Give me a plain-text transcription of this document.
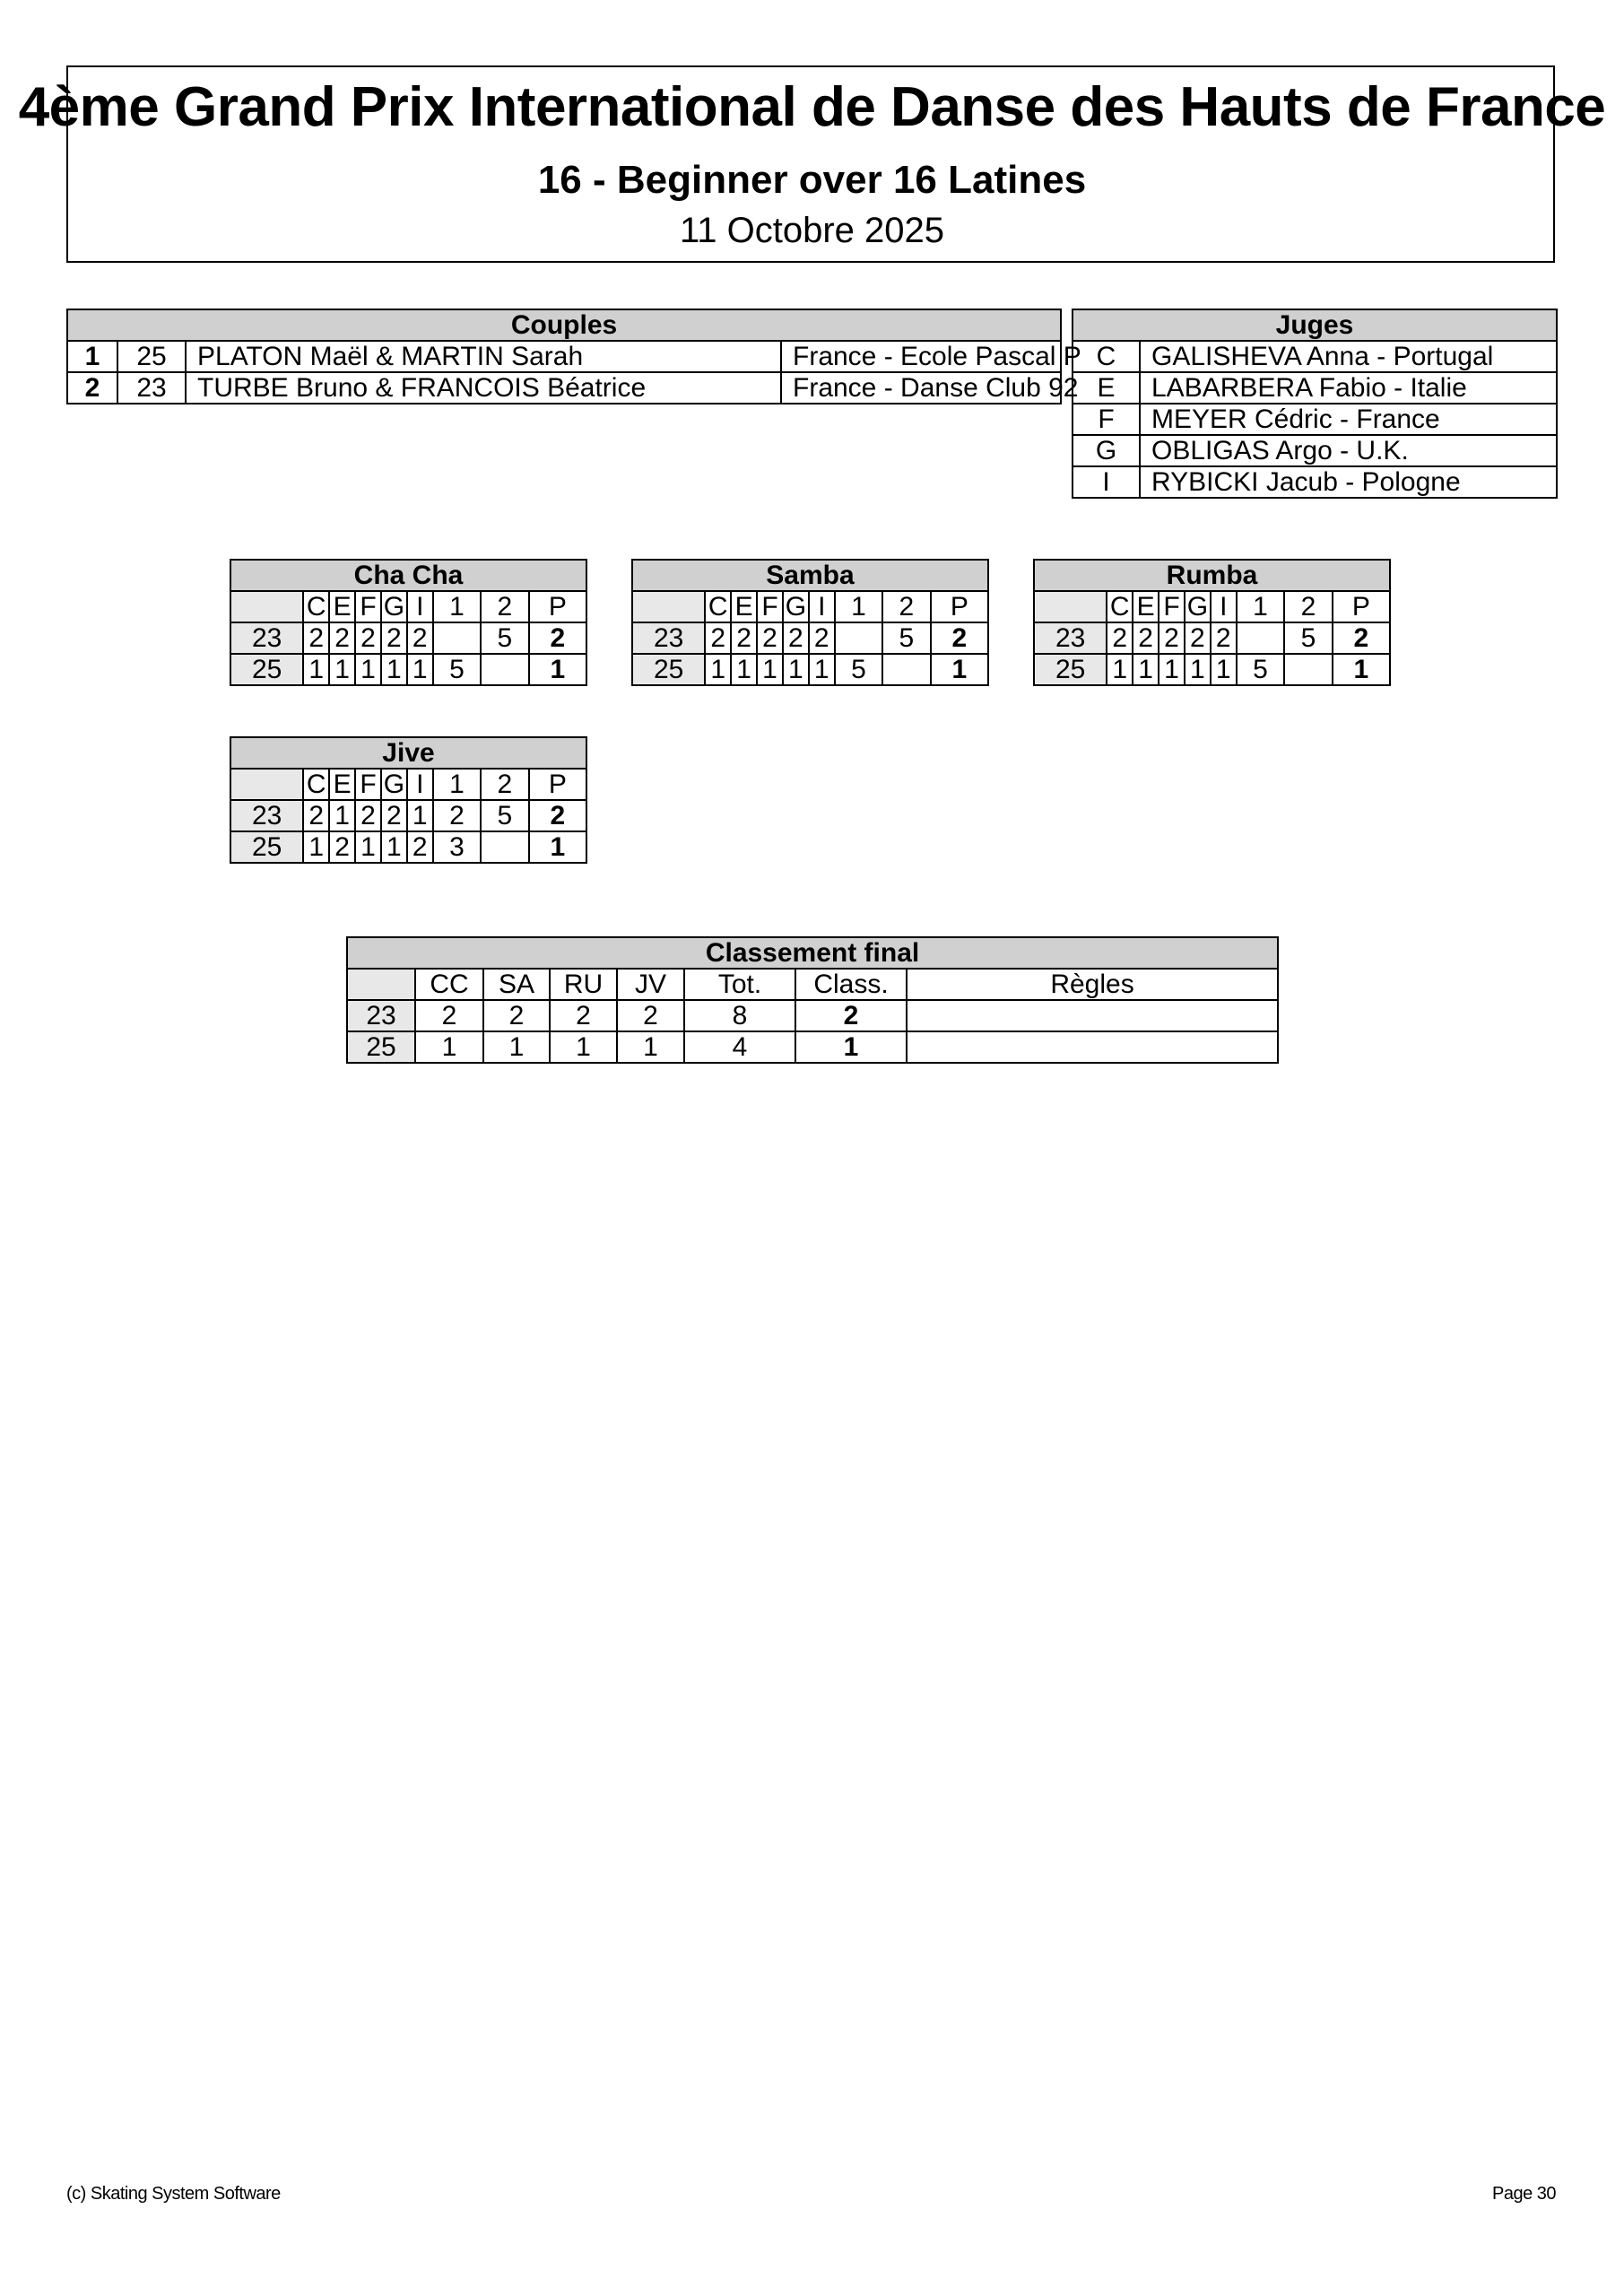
4ème Grand Prix International de Danse des Hauts de France
16 - Beginner over 16 Latines
11 Octobre 2025
Couples			
1	25	PLATON Maël & MARTIN Sarah	France - Ecole Pascal P
2	23	TURBE Bruno & FRANCOIS Béatrice	France - Danse Club 92
Juges	
C	GALISHEVA Anna - Portugal
E	LABARBERA Fabio - Italie
F	MEYER Cédric - France
G	OBLIGAS Argo - U.K.
I	RYBICKI Jacub - Pologne
Cha Cha								
	C	E	F	G	I	1	2	P
23	2	2	2	2	2		5	2
25	1	1	1	1	1	5		1
Samba								
	C	E	F	G	I	1	2	P
23	2	2	2	2	2		5	2
25	1	1	1	1	1	5		1
Rumba								
	C	E	F	G	I	1	2	P
23	2	2	2	2	2		5	2
25	1	1	1	1	1	5		1
Jive								
	C	E	F	G	I	1	2	P
23	2	1	2	2	1	2	5	2
25	1	2	1	1	2	3		1
Classement final							
	CC	SA	RU	JV	Tot.	Class.	Règles
23	2	2	2	2	8	2	
25	1	1	1	1	4	1	
(c) Skating System Software	Page 30
